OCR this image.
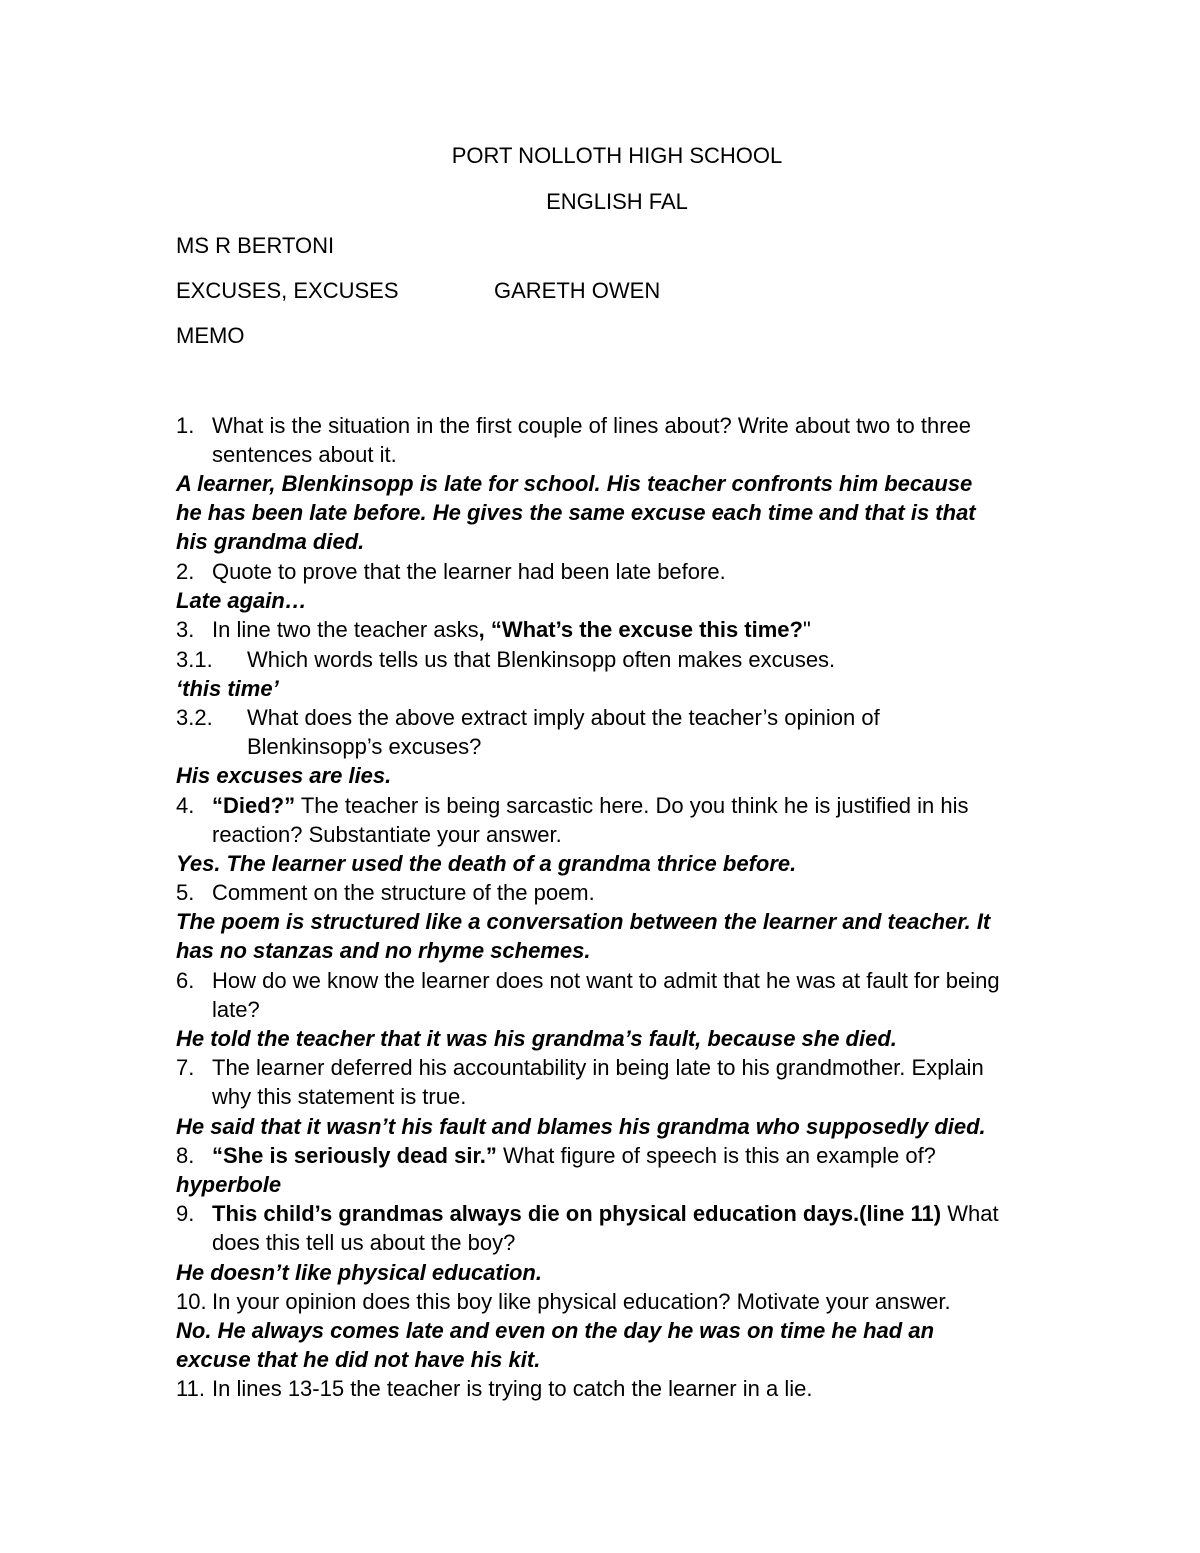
PORT NOLLOTH HIGH SCHOOL
ENGLISH FAL
MS R BERTONI
EXCUSES, EXCUSES	GARETH OWEN
MEMO
1. What is the situation in the first couple of lines about? Write about two to three
sentences about it.
A learner, Blenkinsopp is late for school. His teacher confronts him because
he has been late before. He gives the same excuse each time and that is that
his grandma died.
2. Quote to prove that the learner had been late before.
Late again…
3. In line two the teacher asks, “What’s the excuse this time?"
3.1. Which words tells us that Blenkinsopp often makes excuses.
‘this time’
3.2. What does the above extract imply about the teacher’s opinion of
Blenkinsopp’s excuses?
His excuses are lies.
4. “Died?” The teacher is being sarcastic here. Do you think he is justified in his
reaction? Substantiate your answer.
Yes. The learner used the death of a grandma thrice before.
5. Comment on the structure of the poem.
The poem is structured like a conversation between the learner and teacher. It
has no stanzas and no rhyme schemes.
6. How do we know the learner does not want to admit that he was at fault for being
late?
He told the teacher that it was his grandma’s fault, because she died.
7. The learner deferred his accountability in being late to his grandmother. Explain
why this statement is true.
He said that it wasn’t his fault and blames his grandma who supposedly died.
8. “She is seriously dead sir.” What figure of speech is this an example of?
hyperbole
9. This child’s grandmas always die on physical education days.(line 11) What
does this tell us about the boy?
He doesn’t like physical education.
10. In your opinion does this boy like physical education? Motivate your answer.
No. He always comes late and even on the day he was on time he had an
excuse that he did not have his kit.
11. In lines 13-15 the teacher is trying to catch the learner in a lie.
